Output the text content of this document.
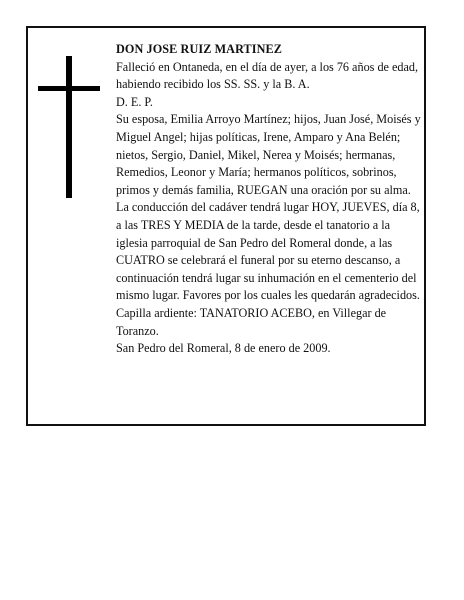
DON JOSE RUIZ MARTINEZ

Falleció en Ontaneda, en el día de ayer, a los 76 años de edad,

habiendo recibido los SS. SS. y la B. A.

D. E. P.

Su esposa, Emilia Arroyo Martínez; hijos, Juan José, Moisés y Miguel Angel; hijas políticas, Irene, Amparo y Ana Belén; nietos, Sergio, Daniel, Mikel, Nerea y Moisés; hermanas, Remedios, Leonor y María; hermanos políticos, sobrinos, primos y demás familia, RUEGAN una oración por su alma. La conducción del cadáver tendrá lugar HOY, JUEVES, día 8, a las TRES Y MEDIA de la tarde, desde el tanatorio a la iglesia parroquial de San Pedro del Romeral donde, a las CUATRO se celebrará el funeral por su eterno descanso, a continuación tendrá lugar su inhumación en el cementerio del mismo lugar. Favores por los cuales les quedarán agradecidos. Capilla ardiente: TANATORIO ACEBO, en Villegar de Toranzo.

San Pedro del Romeral, 8 de enero de 2009.
